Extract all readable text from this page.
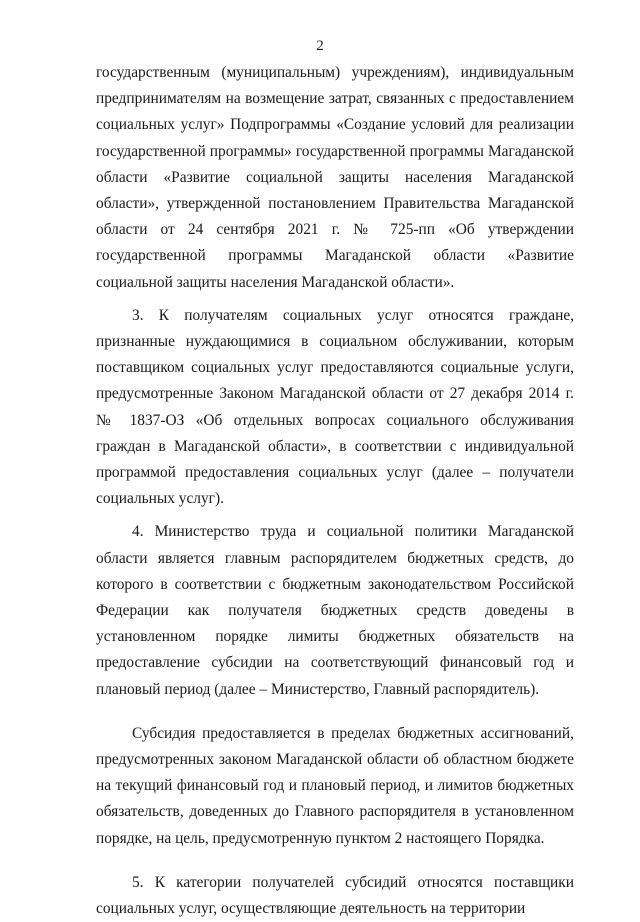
2

государственным (муниципальным) учреждениям), индивидуальным предпринимателям на возмещение затрат, связанных с предоставлением социальных услуг» Подпрограммы «Создание условий для реализации государственной программы» государственной программы Магаданской области «Развитие социальной защиты населения Магаданской области», утвержденной постановлением Правительства Магаданской области от 24 сентября 2021 г. № 725-пп «Об утверждении государственной программы Магаданской области «Развитие социальной защиты населения Магаданской области».

3. К получателям социальных услуг относятся граждане, признанные нуждающимися в социальном обслуживании, которым поставщиком социальных услуг предоставляются социальные услуги, предусмотренные Законом Магаданской области от 27 декабря 2014 г. № 1837-ОЗ «Об отдельных вопросах социального обслуживания граждан в Магаданской области», в соответствии с индивидуальной программой предоставления социальных услуг (далее – получатели социальных услуг).

4. Министерство труда и социальной политики Магаданской области является главным распорядителем бюджетных средств, до которого в соответствии с бюджетным законодательством Российской Федерации как получателя бюджетных средств доведены в установленном порядке лимиты бюджетных обязательств на предоставление субсидии на соответствующий финансовый год и плановый период (далее – Министерство, Главный распорядитель).

Субсидия предоставляется в пределах бюджетных ассигнований, предусмотренных законом Магаданской области об областном бюджете на текущий финансовый год и плановый период, и лимитов бюджетных обязательств, доведенных до Главного распорядителя в установленном порядке, на цель, предусмотренную пунктом 2 настоящего Порядка.

5. К категории получателей субсидий относятся поставщики социальных услуг, осуществляющие деятельность на территории
